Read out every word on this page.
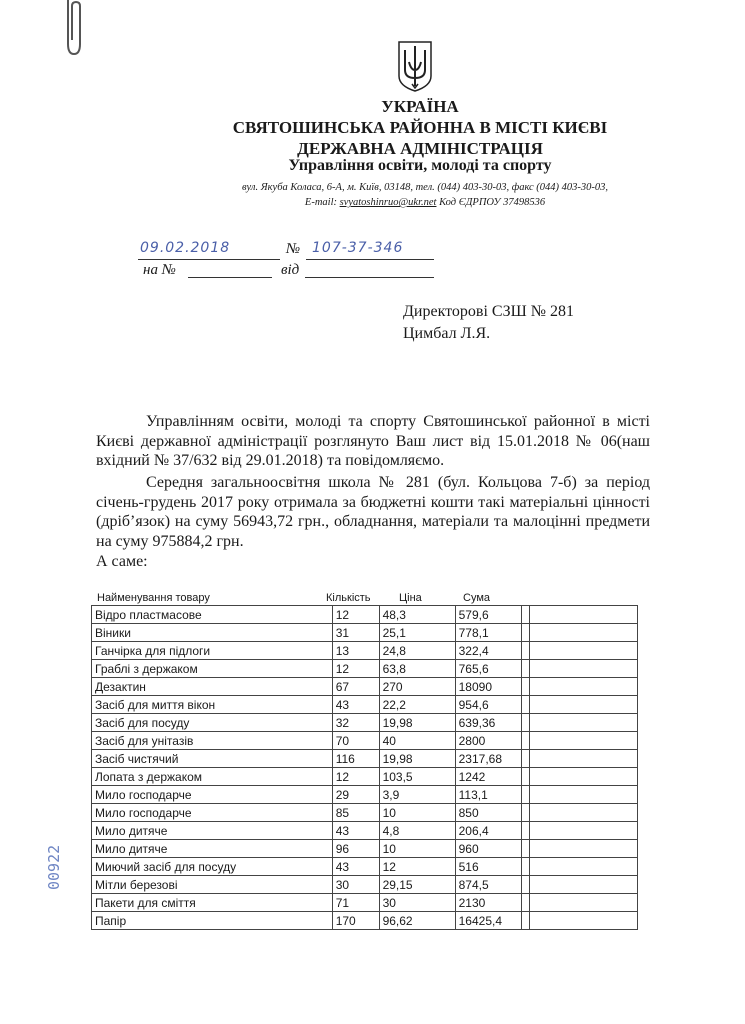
УКРАЇНА
СВЯТОШИНСЬКА РАЙОННА В МІСТІ КИЄВІ
ДЕРЖАВНА АДМІНІСТРАЦІЯ
Управління освіти, молоді та спорту
вул. Якуба Коласа, 6-А, м. Київ, 03148, тел. (044) 403-30-03, факс (044) 403-30-03,
E-mail: svyatoshinruo@ukr.net Код ЄДРПОУ 37498536
09.02.2018	№ 107-37-346
на №	від
Директорові СЗШ № 281
Цимбал Л.Я.
Управлінням освіти, молоді та спорту Святошинської районної в місті Києві державної адміністрації розглянуто Ваш лист від 15.01.2018 № 06(наш вхідний № 37/632 від 29.01.2018) та повідомляємо.
Середня загальноосвітня школа № 281 (бул. Кольцова 7-б) за період січень-грудень 2017 року отримала за бюджетні кошти такі матеріальні цінності (дріб’язок) на суму 56943,72 грн., обладнання, матеріали та малоцінні предмети на суму 975884,2 грн.
А саме:
Найменування товару	Кількість	Ціна	Сума
Відро пластмасове	12	48,3	579,6		
Віники	31	25,1	778,1		
Ганчірка для підлоги	13	24,8	322,4		
Граблі з держаком	12	63,8	765,6		
Дезактин	67	270	18090		
Засіб для миття вікон	43	22,2	954,6		
Засіб для посуду	32	19,98	639,36		
Засіб для унітазів	70	40	2800		
Засіб чистячий	116	19,98	2317,68		
Лопата з держаком	12	103,5	1242		
Мило господарче	29	3,9	113,1		
Мило господарче	85	10	850		
Мило дитяче	43	4,8	206,4		
Мило дитяче	96	10	960		
Миючий засіб для посуду	43	12	516		
Мітли березові	30	29,15	874,5		
Пакети для сміття	71	30	2130		
Папір	170	96,62	16425,4		
00922
